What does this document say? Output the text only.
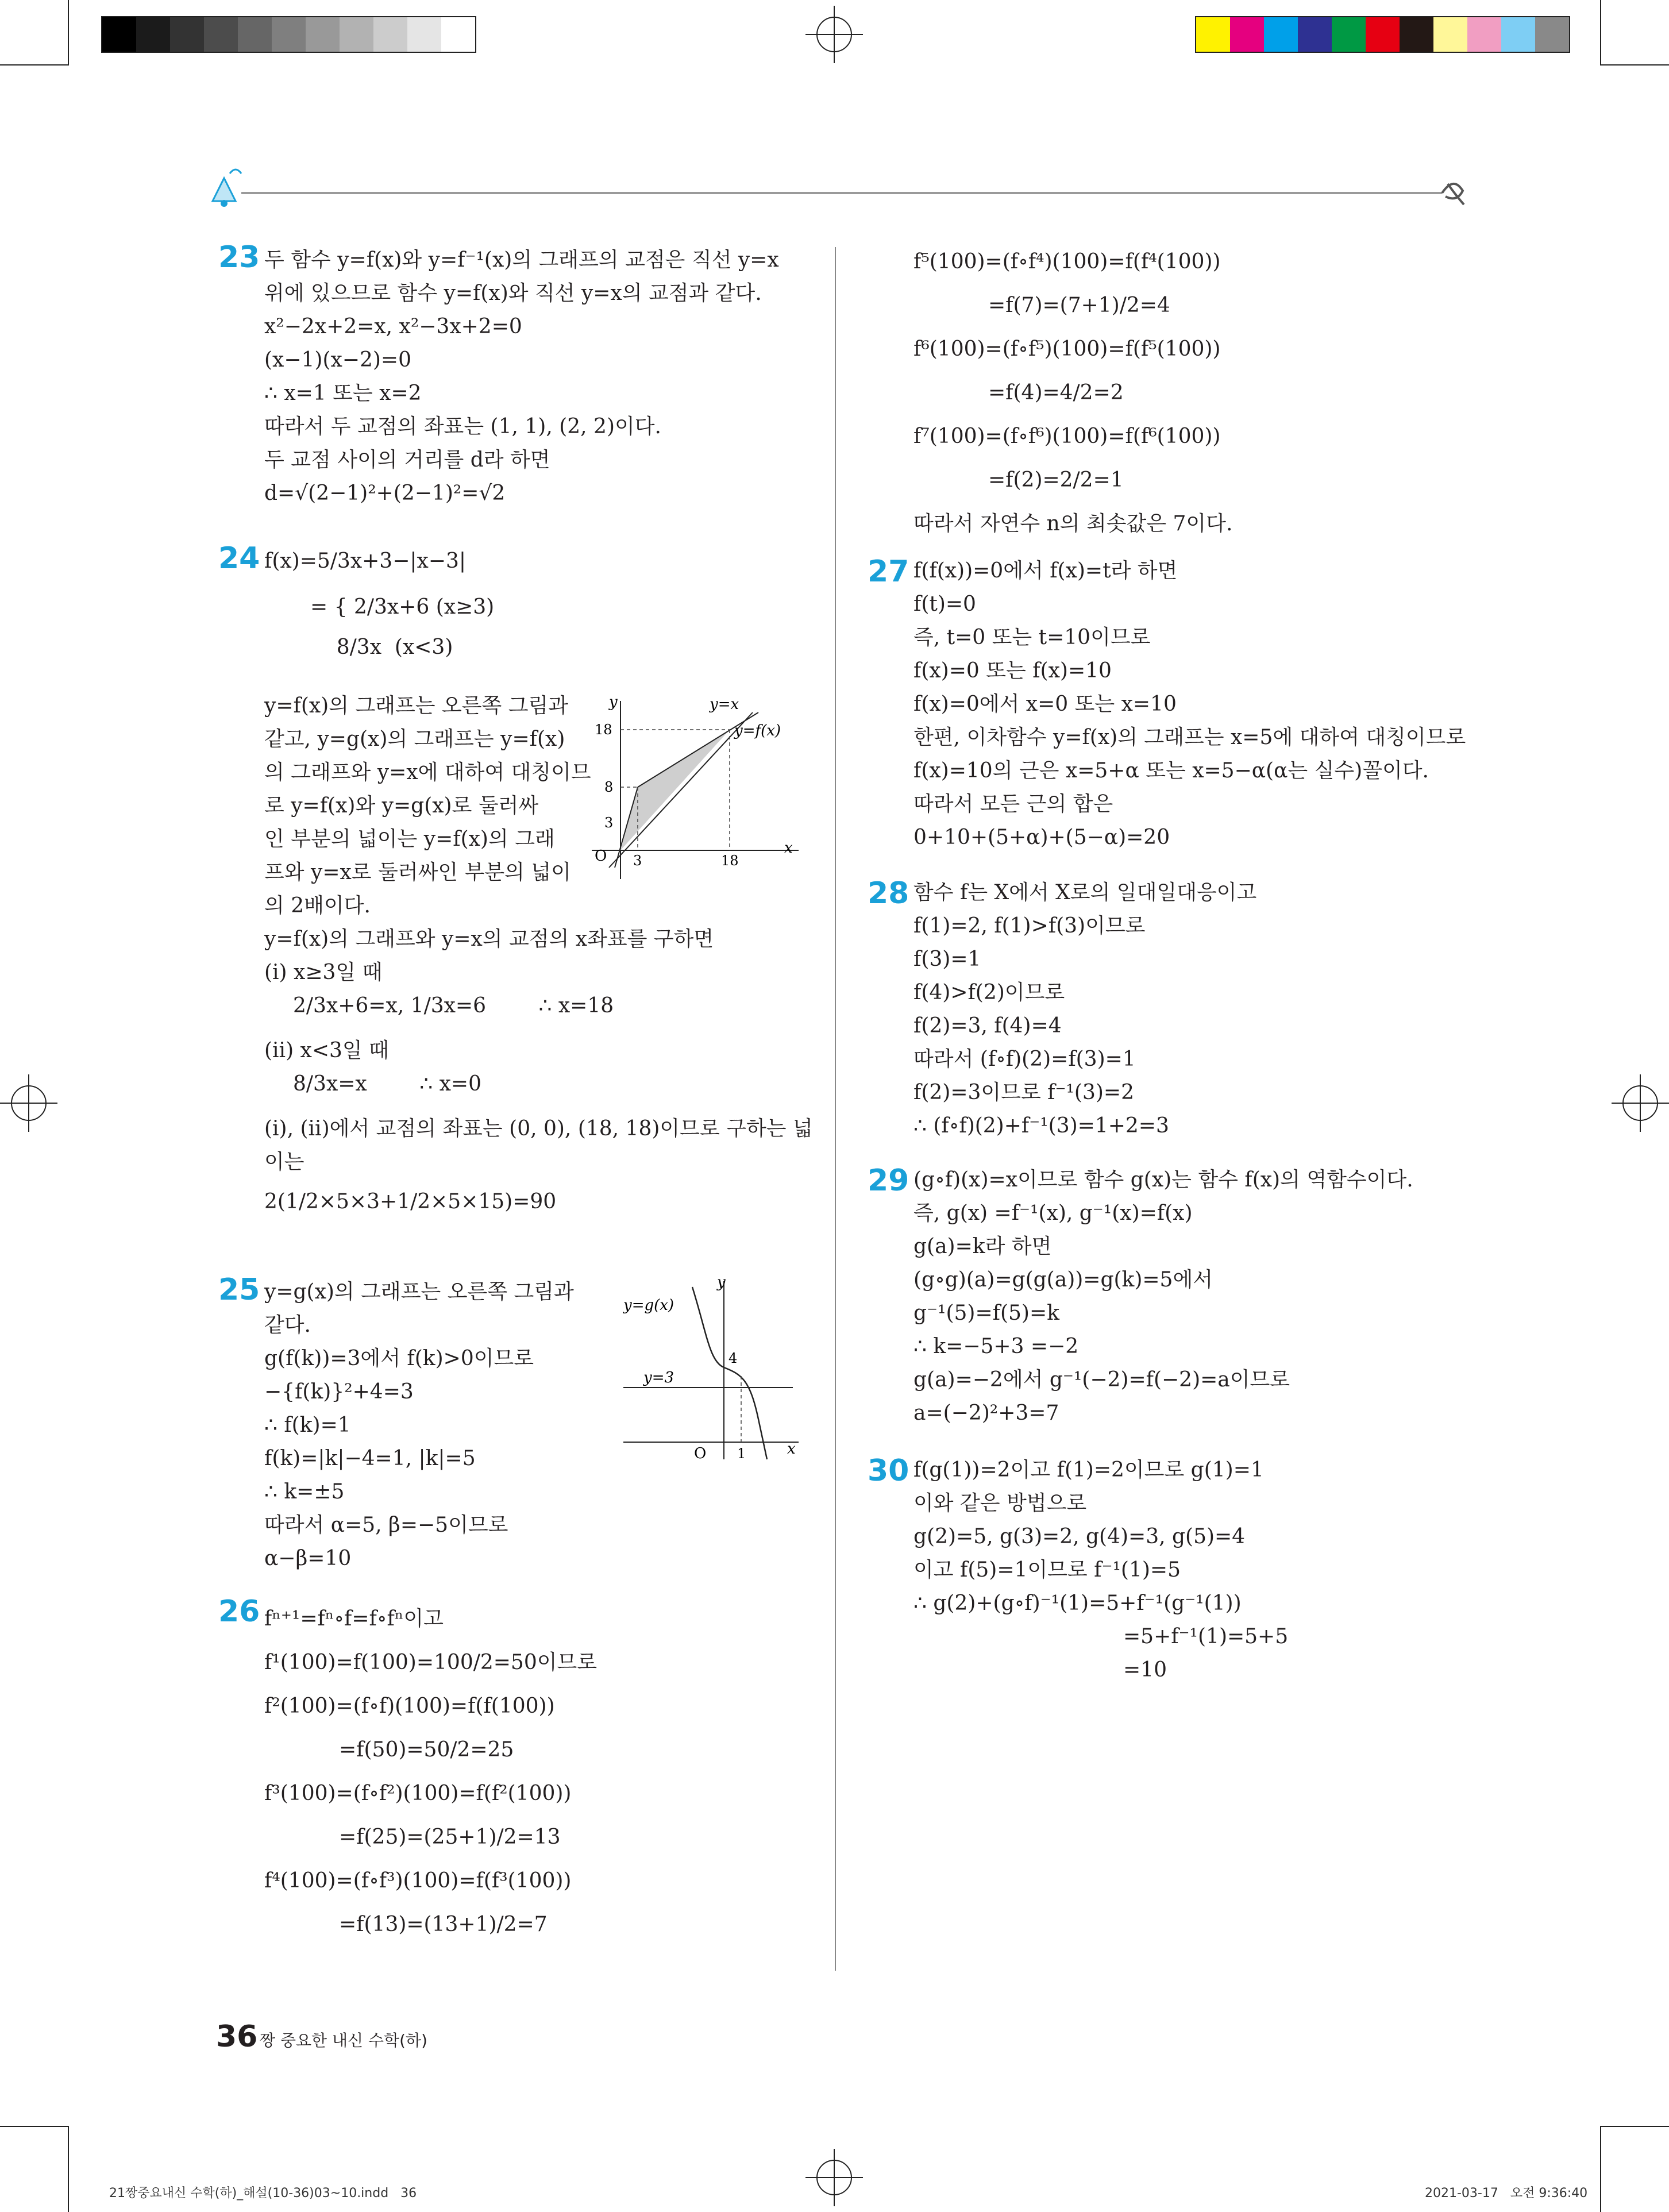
23 두 함수 y=f(x)와 y=f⁻¹(x)의 그래프의 교점은 직선 y=x
위에 있으므로 함수 y=f(x)와 직선 y=x의 교점과 같다.
x²−2x+2=x, x²−3x+2=0
(x−1)(x−2)=0
∴ x=1 또는 x=2
따라서 두 교점의 좌표는 (1, 1), (2, 2)이다.
두 교점 사이의 거리를 d라 하면
d=√(2−1)²+(2−1)²=√2
24 f(x)=5/3x+3−|x−3|
= { 2/3x+6 (x≥3)
8/3x  (x<3)
y=f(x)의 그래프는 오른쪽 그림과
같고, y=g(x)의 그래프는 y=f(x)
의 그래프와 y=x에 대하여 대칭이므
로 y=f(x)와 y=g(x)로 둘러싸
인 부분의 넓이는 y=f(x)의 그래
프와 y=x로 둘러싸인 부분의 넓이
의 2배이다.
y=f(x)의 그래프와 y=x의 교점의 x좌표를 구하면
(i) x≥3일 때
2/3x+6=x, 1/3x=6        ∴ x=18
(ii) x<3일 때
8/3x=x        ∴ x=0
(i), (ii)에서 교점의 좌표는 (0, 0), (18, 18)이므로 구하는 넓
이는
2(1/2×5×3+1/2×5×15)=90
y
x
O
y=x
y=f(x)
18
8
3
3	18
25 y=g(x)의 그래프는 오른쪽 그림과
같다.
g(f(k))=3에서 f(k)>0이므로
−{f(k)}²+4=3
∴ f(k)=1
f(k)=|k|−4=1, |k|=5
∴ k=±5
따라서 α=5, β=−5이므로
α−β=10
y
x
O
y=g(x)
y=3
4
1
26 fⁿ⁺¹=fⁿ∘f=f∘fⁿ이고
f¹(100)=f(100)=100/2=50이므로
f²(100)=(f∘f)(100)=f(f(100))
=f(50)=50/2=25
f³(100)=(f∘f²)(100)=f(f²(100))
=f(25)=(25+1)/2=13
f⁴(100)=(f∘f³)(100)=f(f³(100))
=f(13)=(13+1)/2=7
f⁵(100)=(f∘f⁴)(100)=f(f⁴(100))
=f(7)=(7+1)/2=4
f⁶(100)=(f∘f⁵)(100)=f(f⁵(100))
=f(4)=4/2=2
f⁷(100)=(f∘f⁶)(100)=f(f⁶(100))
=f(2)=2/2=1
따라서 자연수 n의 최솟값은 7이다.
27 f(f(x))=0에서 f(x)=t라 하면
f(t)=0
즉, t=0 또는 t=10이므로
f(x)=0 또는 f(x)=10
f(x)=0에서 x=0 또는 x=10
한편, 이차함수 y=f(x)의 그래프는 x=5에 대하여 대칭이므로
f(x)=10의 근은 x=5+α 또는 x=5−α(α는 실수)꼴이다.
따라서 모든 근의 합은
0+10+(5+α)+(5−α)=20
28 함수 f는 X에서 X로의 일대일대응이고
f(1)=2, f(1)>f(3)이므로
f(3)=1
f(4)>f(2)이므로
f(2)=3, f(4)=4
따라서 (f∘f)(2)=f(3)=1
f(2)=3이므로 f⁻¹(3)=2
∴ (f∘f)(2)+f⁻¹(3)=1+2=3
29 (g∘f)(x)=x이므로 함수 g(x)는 함수 f(x)의 역함수이다.
즉, g(x) =f⁻¹(x), g⁻¹(x)=f(x)
g(a)=k라 하면
(g∘g)(a)=g(g(a))=g(k)=5에서
g⁻¹(5)=f(5)=k
∴ k=−5+3 =−2
g(a)=−2에서 g⁻¹(−2)=f(−2)=a이므로
a=(−2)²+3=7
30 f(g(1))=2이고 f(1)=2이므로 g(1)=1
이와 같은 방법으로
g(2)=5, g(3)=2, g(4)=3, g(5)=4
이고 f(5)=1이므로 f⁻¹(1)=5
∴ g(2)+(g∘f)⁻¹(1)=5+f⁻¹(g⁻¹(1))
=5+f⁻¹(1)=5+5
=10
36 짱 중요한 내신 수학(하)
21짱중요내신 수학(하)_해설(10-36)03~10.indd   36	2021-03-17   오전 9:36:40
